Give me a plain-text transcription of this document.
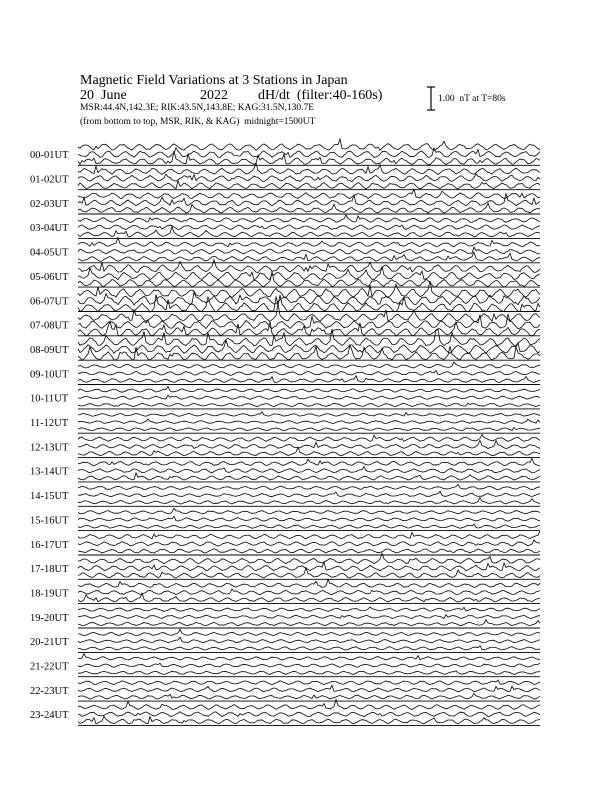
Magnetic Field Variations at 3 Stations in Japan
20  June	2022 dH/dt  (filter:40-160s)
MSR:44.4N,142.3E; RIK:43.5N,143.8E; KAG:31.5N,130.7E
(from bottom to top, MSR, RIK, & KAG)  midnight=1500UT
1.00  nT at T=80s
00-01UT
01-02UT
02-03UT
03-04UT
04-05UT
05-06UT
06-07UT
07-08UT
08-09UT
09-10UT
10-11UT
11-12UT
12-13UT
13-14UT
14-15UT
15-16UT
16-17UT
17-18UT
18-19UT
19-20UT
20-21UT
21-22UT
22-23UT
23-24UT
